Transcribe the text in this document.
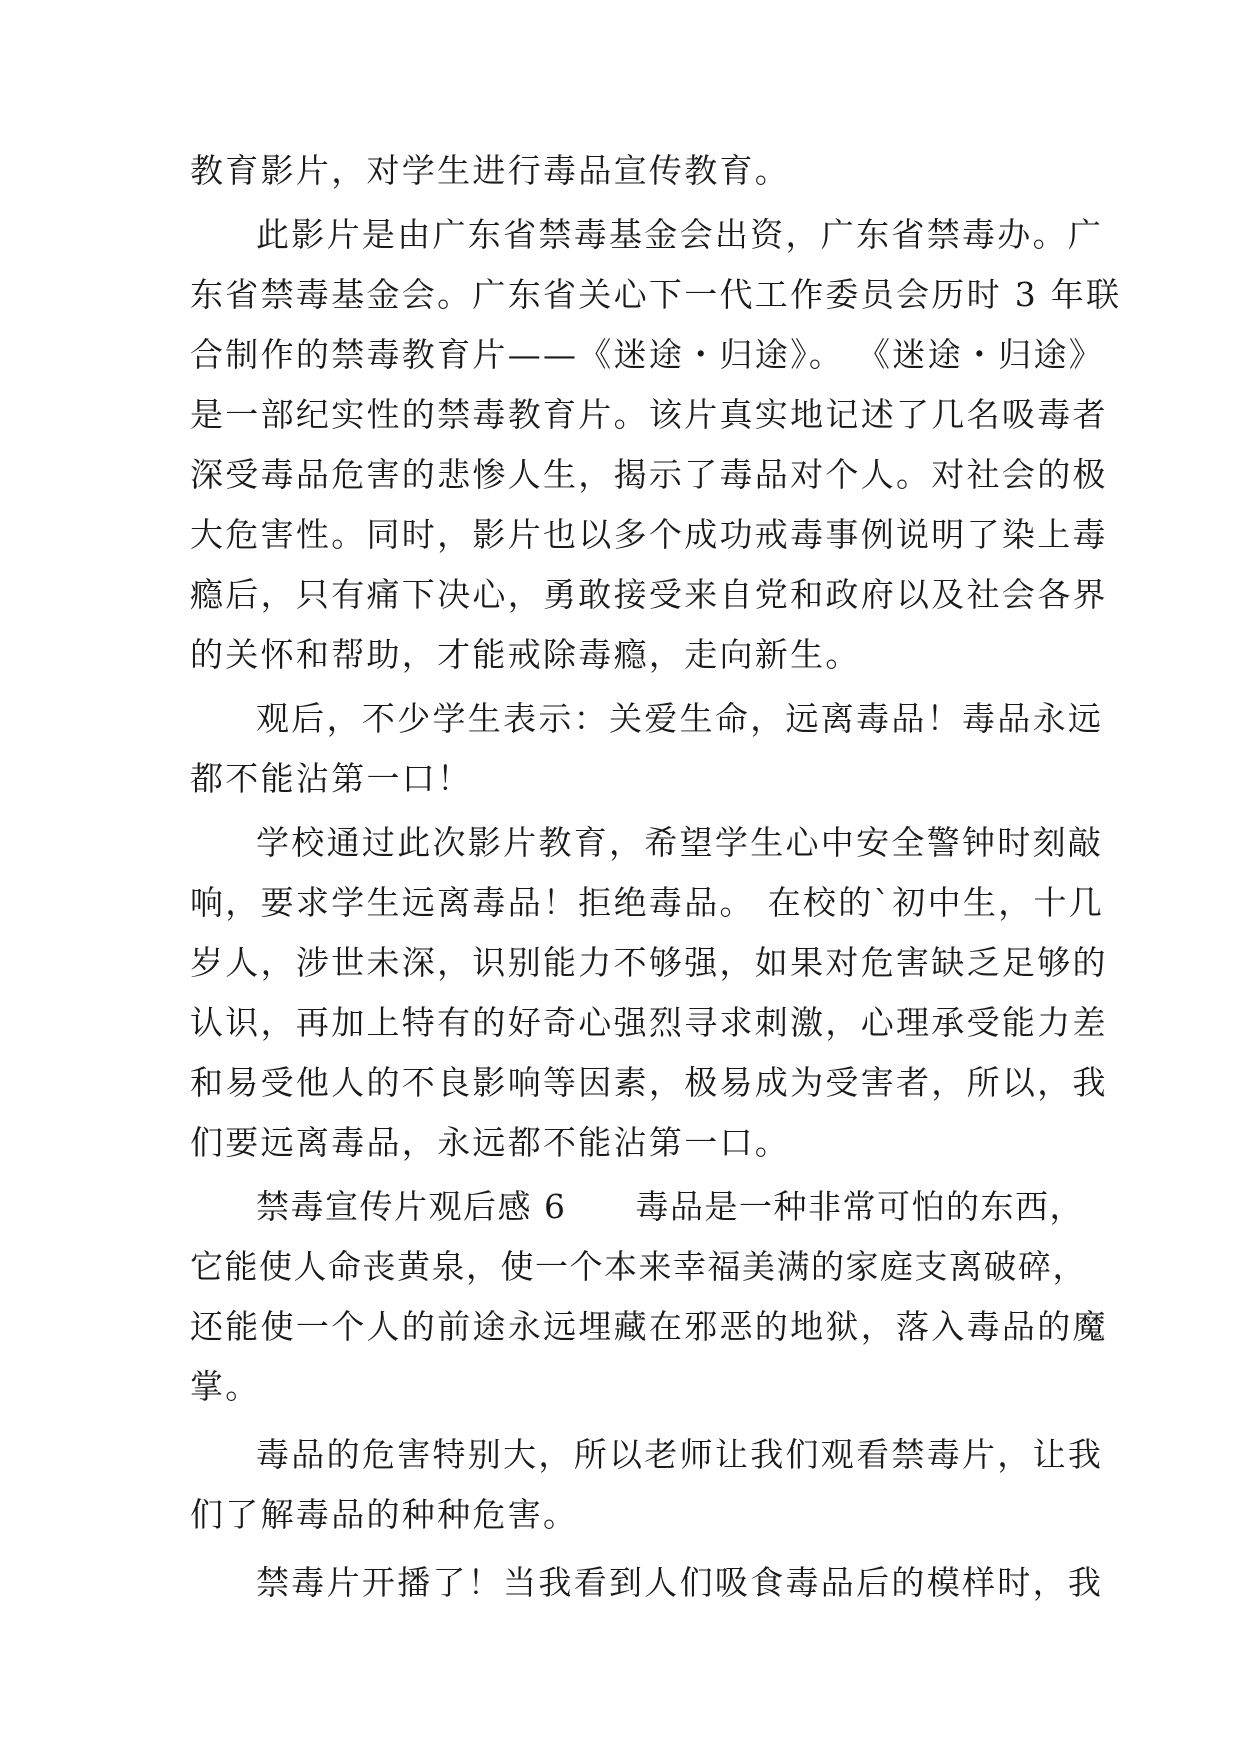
教育影片，对学生进行毒品宣传教育。
此影片是由广东省禁毒基金会出资，广东省禁毒办。广
东省禁毒基金会。广东省关心下一代工作委员会历时 3 年联
合制作的禁毒教育片——《迷途・归途》。 《迷途・归途》
是一部纪实性的禁毒教育片。该片真实地记述了几名吸毒者
深受毒品危害的悲惨人生，揭示了毒品对个人。对社会的极
大危害性。同时，影片也以多个成功戒毒事例说明了染上毒
瘾后，只有痛下决心，勇敢接受来自党和政府以及社会各界
的关怀和帮助，才能戒除毒瘾，走向新生。
观后，不少学生表示：关爱生命，远离毒品！毒品永远
都不能沾第一口！
学校通过此次影片教育，希望学生心中安全警钟时刻敲
响，要求学生远离毒品！拒绝毒品。 在校的`初中生，十几
岁人，涉世未深，识别能力不够强，如果对危害缺乏足够的
认识，再加上特有的好奇心强烈寻求刺激，心理承受能力差
和易受他人的不良影响等因素，极易成为受害者，所以，我
们要远离毒品，永远都不能沾第一口。
禁毒宣传片观后感 6　　毒品是一种非常可怕的东西，
它能使人命丧黄泉，使一个本来幸福美满的家庭支离破碎，
还能使一个人的前途永远埋藏在邪恶的地狱，落入毒品的魔
掌。
毒品的危害特别大，所以老师让我们观看禁毒片，让我
们了解毒品的种种危害。
禁毒片开播了！当我看到人们吸食毒品后的模样时，我
